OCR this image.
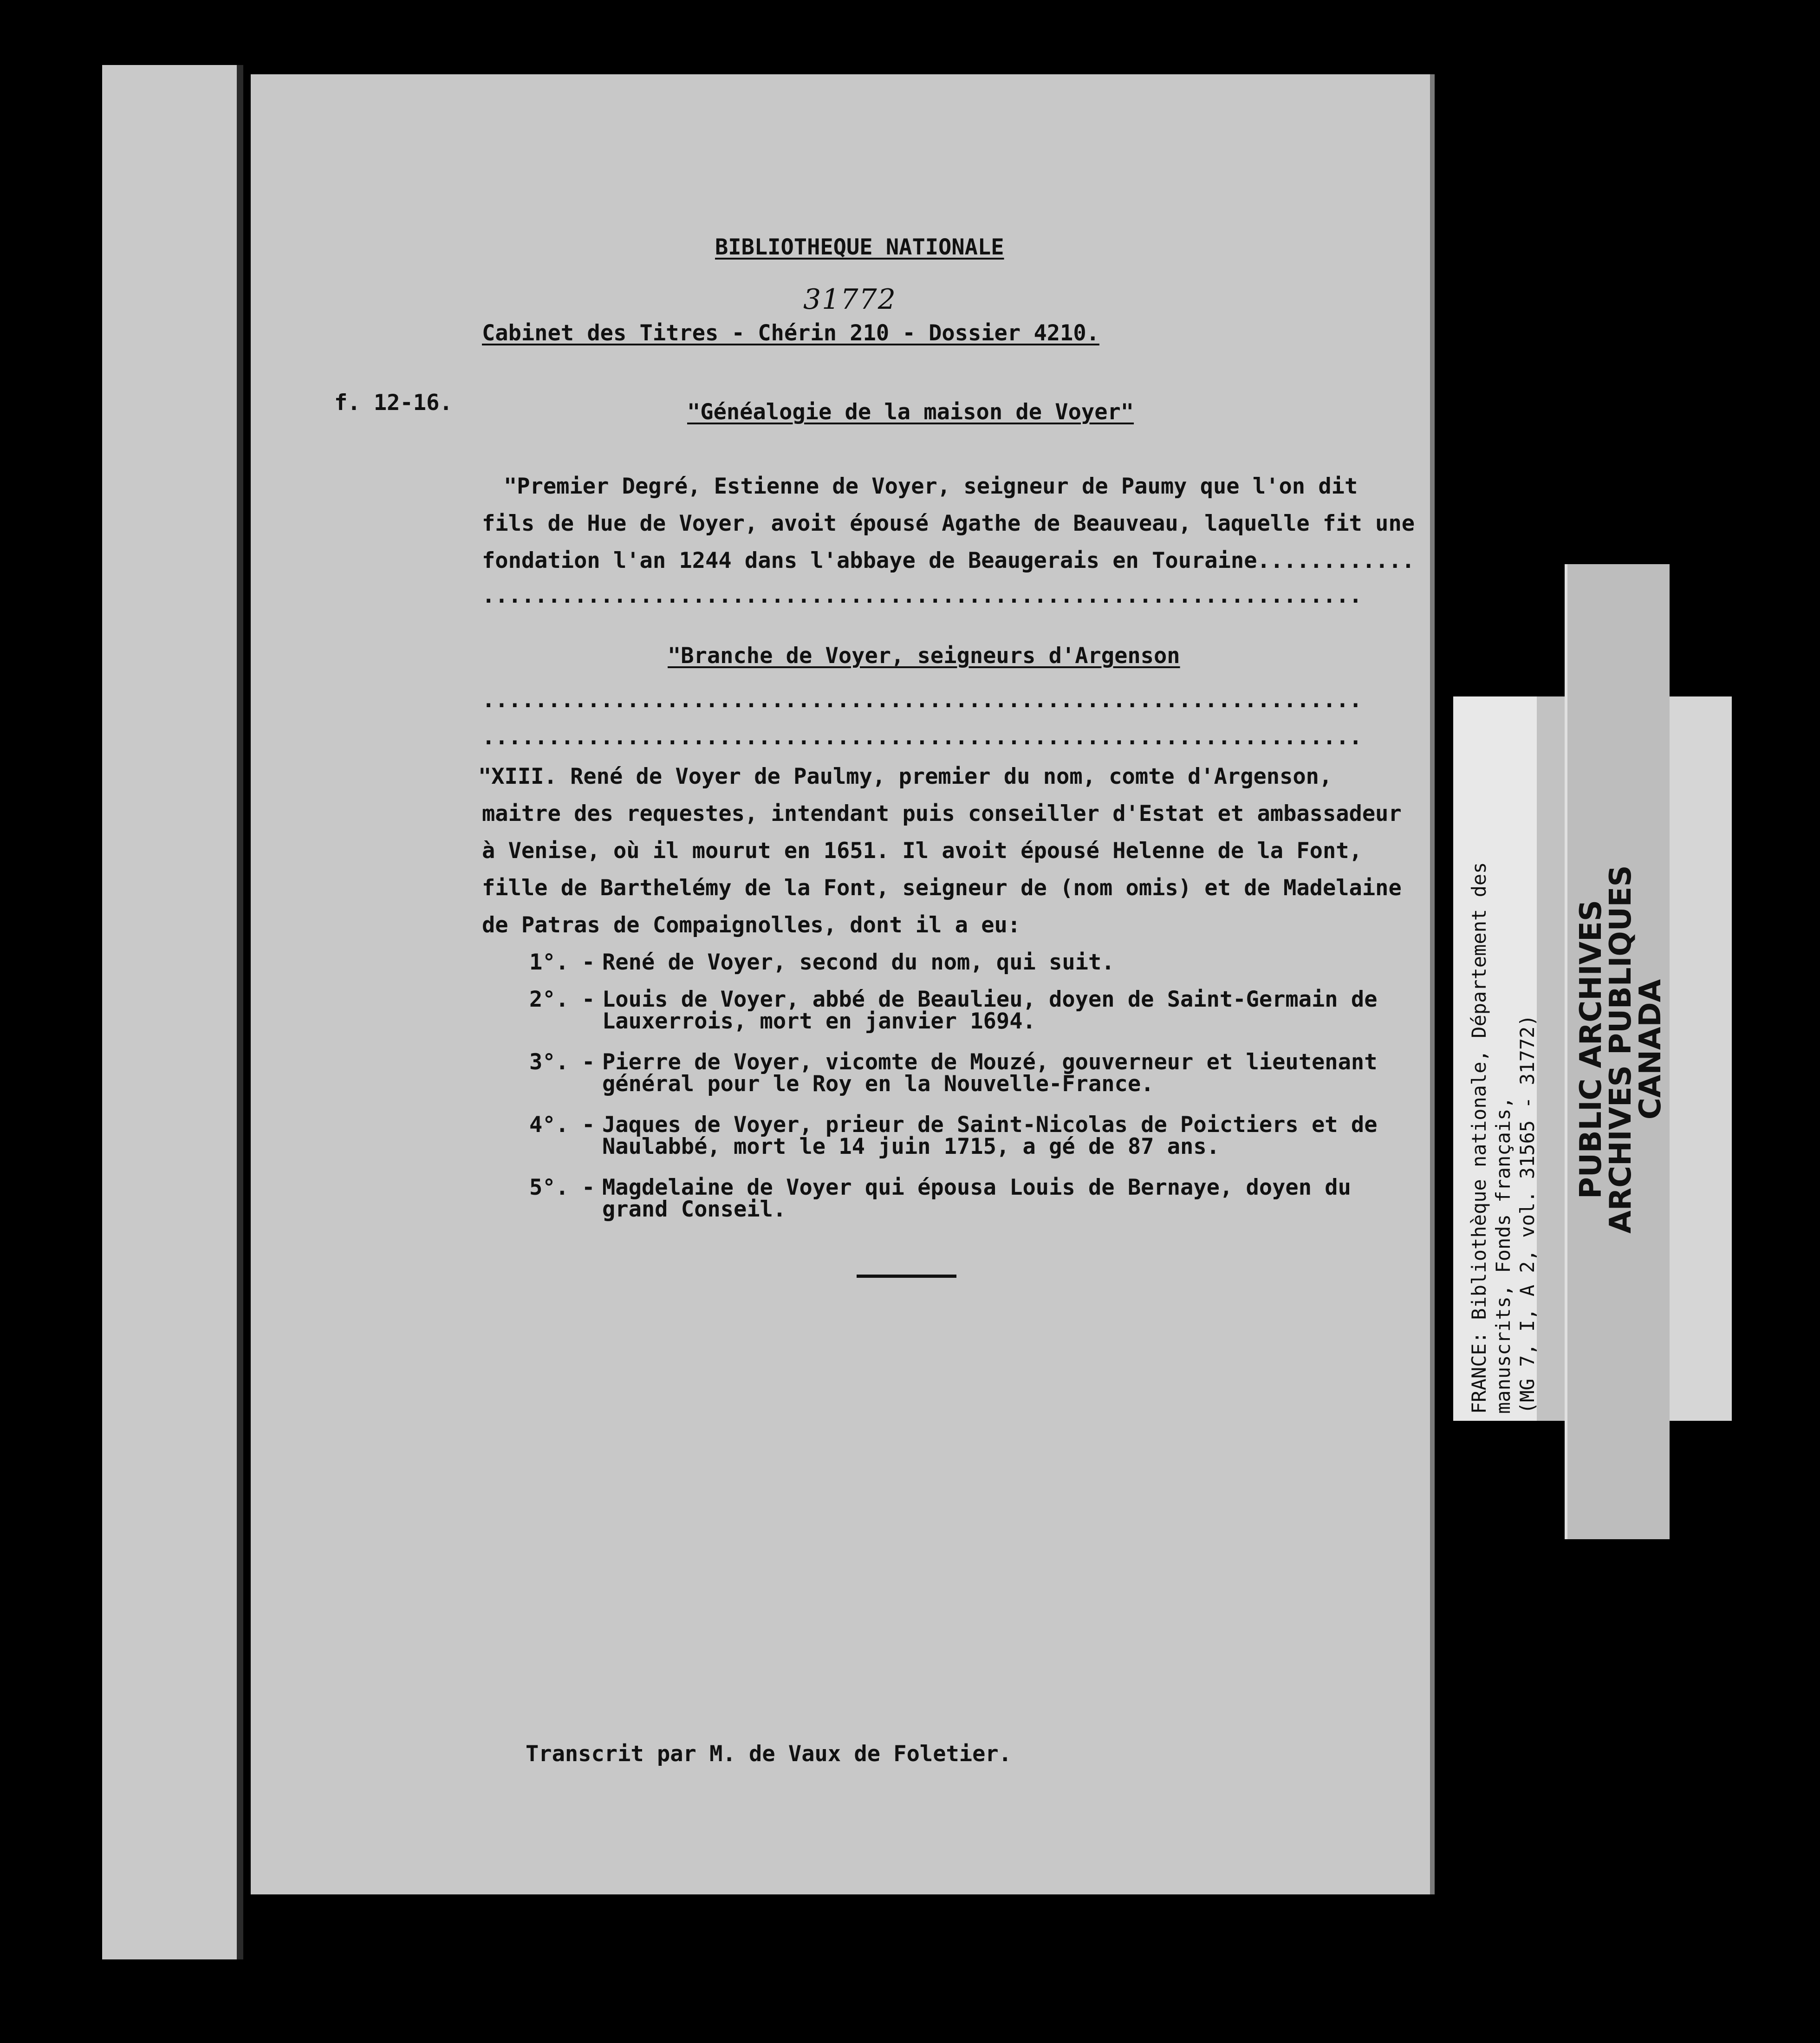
BIBLIOTHEQUE NATIONALE
31772
Cabinet des Titres - Chérin 210 - Dossier 4210.
f. 12-16.	"Généalogie de la maison de Voyer"
"Premier Degré, Estienne de Voyer, seigneur de Paumy que l'on dit
fils de Hue de Voyer, avoit épousé Agathe de Beauveau, laquelle fit une
fondation l'an 1244 dans l'abbaye de Beaugerais en Touraine............
...................................................................
"Branche de Voyer, seigneurs d'Argenson
...................................................................
...................................................................
"XIII. René de Voyer de Paulmy, premier du nom, comte d'Argenson,
maitre des requestes, intendant puis conseiller d'Estat et ambassadeur
à Venise, où il mourut en 1651. Il avoit épousé Helenne de la Font,
fille de Barthelémy de la Font, seigneur de (nom omis) et de Madelaine
de Patras de Compaignolles, dont il a eu:
1°. - René de Voyer, second du nom, qui suit.
2°. - Louis de Voyer, abbé de Beaulieu, doyen de Saint-Germain de
Lauxerrois, mort en janvier 1694.
3°. - Pierre de Voyer, vicomte de Mouzé, gouverneur et lieutenant
général pour le Roy en la Nouvelle-France.
4°. - Jaques de Voyer, prieur de Saint-Nicolas de Poictiers et de
Naulabbé, mort le 14 juin 1715, a gé de 87 ans.
5°. - Magdelaine de Voyer qui épousa Louis de Bernaye, doyen du
grand Conseil.
Transcrit par M. de Vaux de Foletier.
FRANCE: Bibliothèque nationale, Département des manuscrits, Fonds français, (MG 7, I, A 2, vol. 31565 - 31772) PUBLIC ARCHIVES
ARCHIVES PUBLIQUES
CANADA
